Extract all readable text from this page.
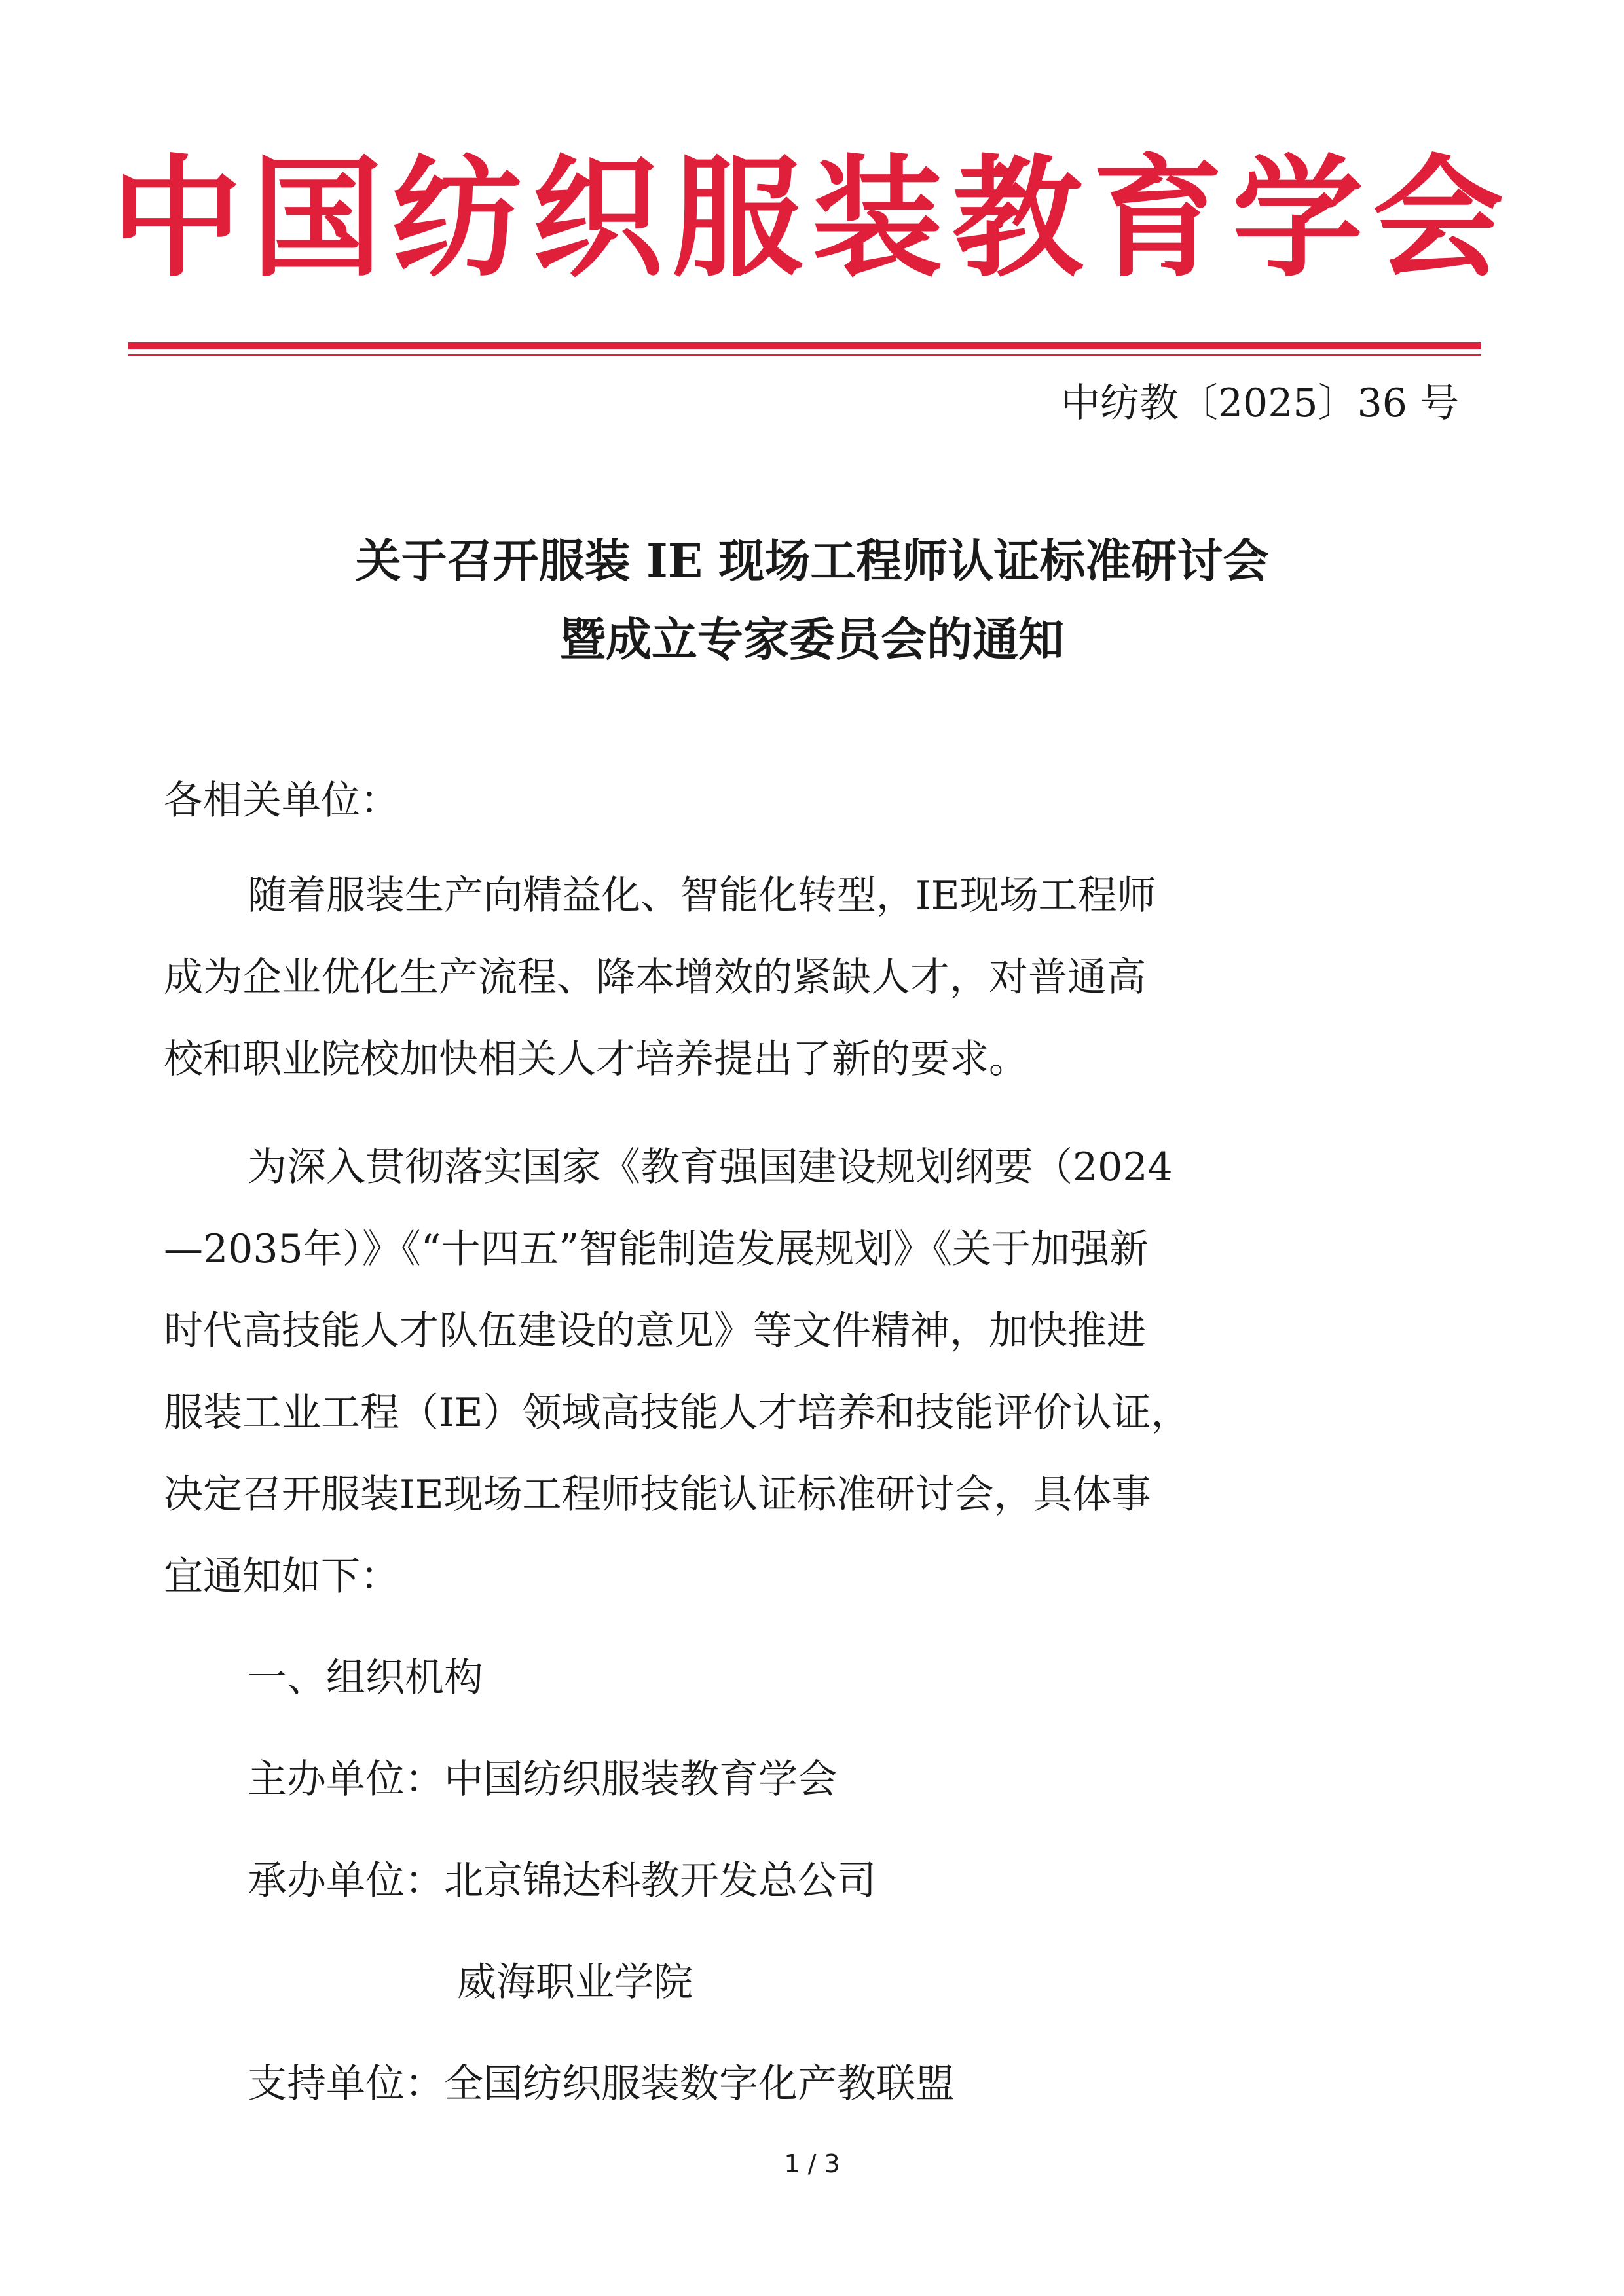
中国纺织服装教育学会
中纺教〔2025〕36 号
关于召开服装 IE 现场工程师认证标准研讨会
暨成立专家委员会的通知
各相关单位：
随着服装生产向精益化、智能化转型，IE现场工程师
成为企业优化生产流程、降本增效的紧缺人才，对普通高
校和职业院校加快相关人才培养提出了新的要求。
为深入贯彻落实国家《教育强国建设规划纲要（2024
—2035年）》《“十四五”智能制造发展规划》《关于加强新
时代高技能人才队伍建设的意见》等文件精神，加快推进
服装工业工程（IE）领域高技能人才培养和技能评价认证，
决定召开服装IE现场工程师技能认证标准研讨会，具体事
宜通知如下：
一、组织机构
主办单位：中国纺织服装教育学会
承办单位：北京锦达科教开发总公司
威海职业学院
支持单位：全国纺织服装数字化产教联盟
1 / 3
